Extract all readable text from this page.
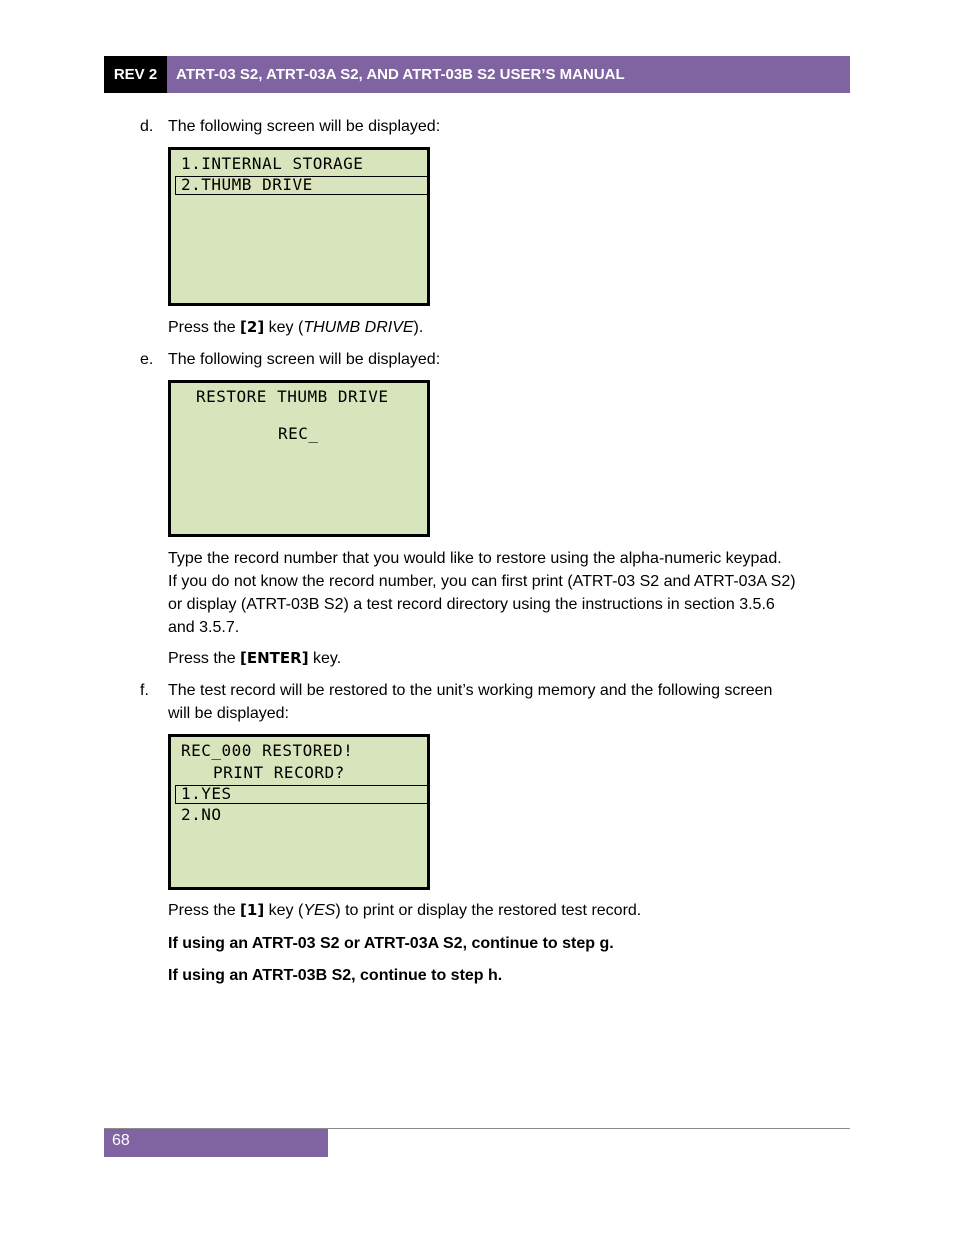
REV 2	ATRT-03 S2, ATRT-03A S2, AND ATRT-03B S2 USER’S MANUAL
d. The following screen will be displayed:

1.INTERNAL STORAGE
2.THUMB DRIVE

Press the [2] key (THUMB DRIVE).

e. The following screen will be displayed:

RESTORE THUMB DRIVE
REC_

Type the record number that you would like to restore using the alpha-numeric keypad.
If you do not know the record number, you can first print (ATRT-03 S2 and ATRT-03A S2)
or display (ATRT-03B S2) a test record directory using the instructions in section 3.5.6
and 3.5.7.

Press the [ENTER] key.

f. The test record will be restored to the unit’s working memory and the following screen
will be displayed:

REC_000 RESTORED!
PRINT RECORD?
1.YES
2.NO

Press the [1] key (YES) to print or display the restored test record.

If using an ATRT-03 S2 or ATRT-03A S2, continue to step g.

If using an ATRT-03B S2, continue to step h.

68
